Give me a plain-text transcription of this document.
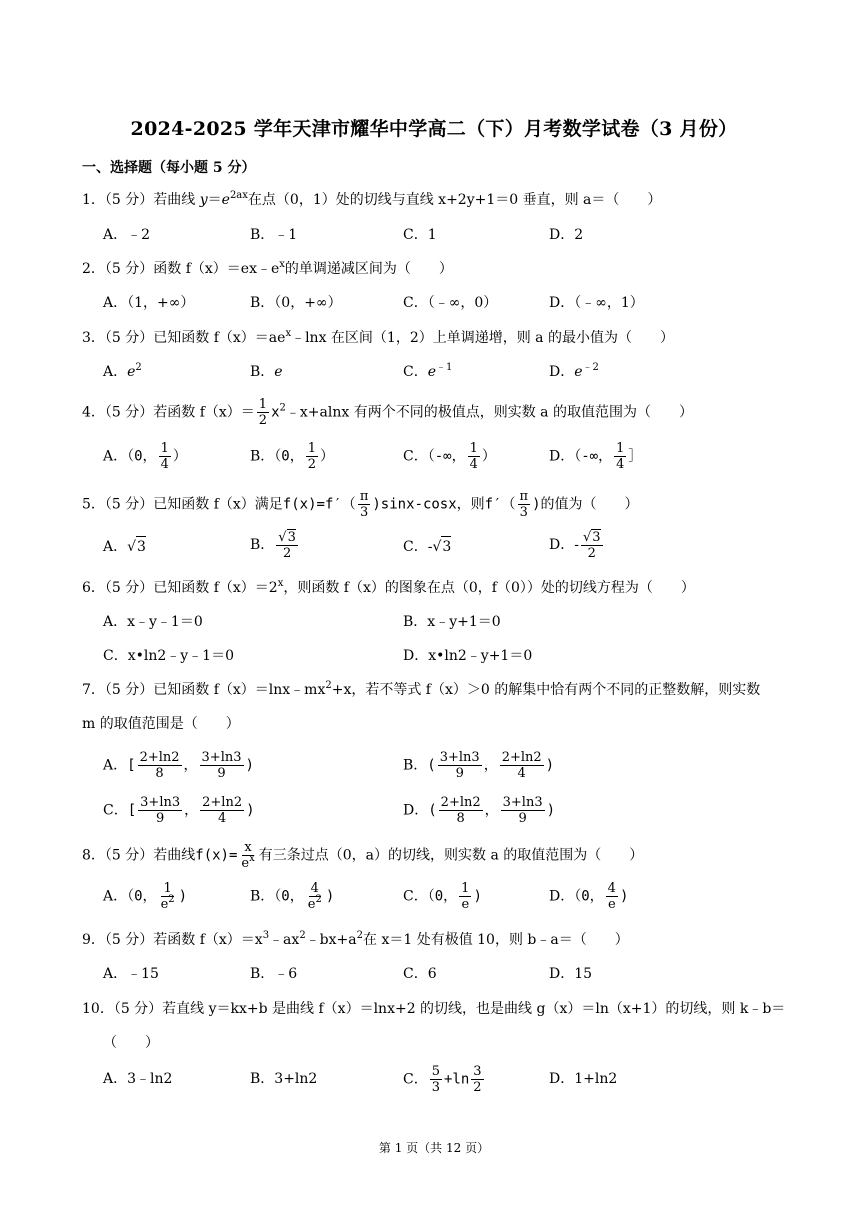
2024-2025 学年天津市耀华中学高二（下）月考数学试卷（3 月份）
一、选择题（每小题 5 分）
1．（5 分）若曲线 $y=e^{2ax}$在点（0，1）处的切线与直线 x+2y+1＝0 垂直，则 a＝（　　）
A．﹣2	B．﹣1	C．1	D．2
2．（5 分）函数 $f(x)=ex﹣e^x$的单调递减区间为（　　）
A．（1，+∞）	B．（0，+∞）	C．（﹣∞，0）	D．（﹣∞，1）
3．（5 分）已知函数 $f(x)=ae^x﹣\ln x$ 在区间（1，2）上单调递增，则 a 的最小值为（　　）
A．$e^2$	B．e	C．$e^{﹣1}$	D．$e^{﹣2}$
4．（5 分）若函数 $f(x)= \frac{1}{2}$ $x^2﹣x+alnx$ 有两个不同的极值点，则实数 a 的取值范围为（　　）
A．（0， $\frac{1}{4}$ ）	B．（0， $\frac{1}{2}$ ）	C．（-∞， $\frac{1}{4}$ ）	D．（-∞， $\frac{1}{4}$ ］
5．（5 分）已知函数 f（x）满足$f(x)=f'( \frac{\pi}{3} )\sin x-\cos x$，则$f'( \frac{\pi}{3}$ )的值为（　　）
A．√3	B． $\frac{√3}{2}$	C．-√3	D．- $\frac{√3}{2}$
6．（5 分）已知函数 $f(x)=2^x$，则函数 f（x）的图象在点（0，f（0））处的切线方程为（　　）
A．x﹣y﹣1＝0	B．x﹣y+1＝0
C．x•ln2﹣y﹣1＝0	D．x•ln2﹣y+1＝0
7．（5 分）已知函数 $f(x)=\ln x﹣mx^2+x$，若不等式 f（x）＞0 的解集中恰有两个不同的正整数解，则实数
m 的取值范围是（　　）
A．[ $\frac{2+\ln 2}{8}$ ， $\frac{3+\ln 3}{9}$ )	B．( $\frac{3+\ln 3}{9}$ ， $\frac{2+\ln 2}{4}$ )
C．[ $\frac{3+\ln 3}{9}$ ， $\frac{2+\ln 2}{4}$ )	D．( $\frac{2+\ln 2}{8}$ ， $\frac{3+\ln 3}{9}$ )
8．（5 分）若曲线$f(x)= \frac{x}{e^x}$ 有三条过点（0，a）的切线，则实数 a 的取值范围为（　　）
A．（0， $\frac{1}{e^2}$ )	B．（0， $\frac{4}{e^2}$ )	C．（0， $\frac{1}{e}$ )	D．（0， $\frac{4}{e}$ )
9．（5 分）若函数 $f(x)=x^3﹣ax^2﹣bx+a^2$在 x＝1 处有极值 10，则 b﹣a＝（　　）
A．﹣15	B．﹣6	C．6	D．15
10．（5 分）若直线 y＝kx+b 是曲线 f（x）＝lnx+2 的切线，也是曲线 g（x）＝ln（x+1）的切线，则 k﹣b＝
（　　）
A．3﹣ln2	B．3+ln2	C． $\frac{5}{3} +\ln \frac{3}{2}$	D．1+ln2
第 1 页（共 12 页）
